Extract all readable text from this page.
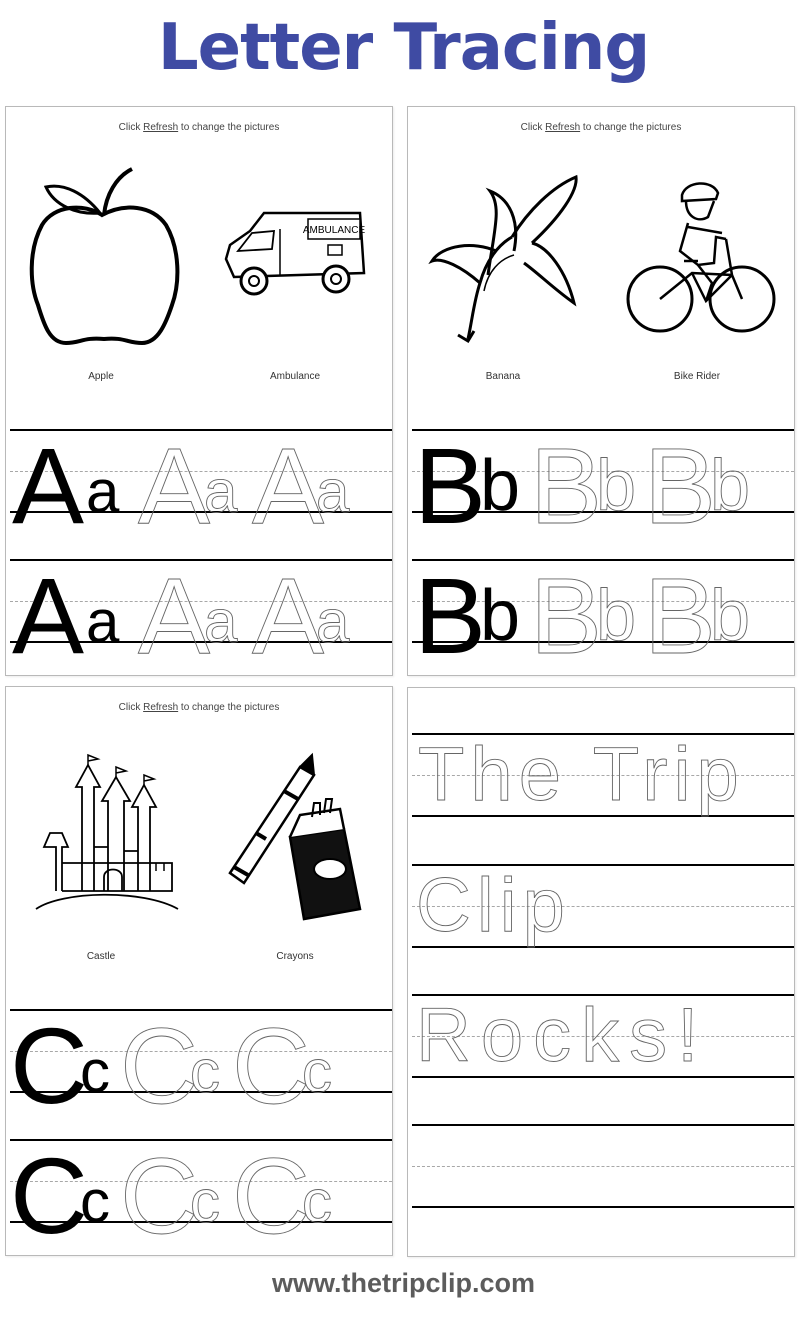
Letter Tracing
Click Refresh to change the pictures
AMBULANCE
Apple	Ambulance
A a A
a A
a
A a A
a A
a
Click Refresh to change the pictures
Banana	Bike Rider
B
b B
b B
b
B
b B
b B
b
Click Refresh to change the pictures
Castle	Crayons
C
c C
c C
c
C
c C
c C
c
The Trip
Clip
Rocks!
www.thetripclip.com
